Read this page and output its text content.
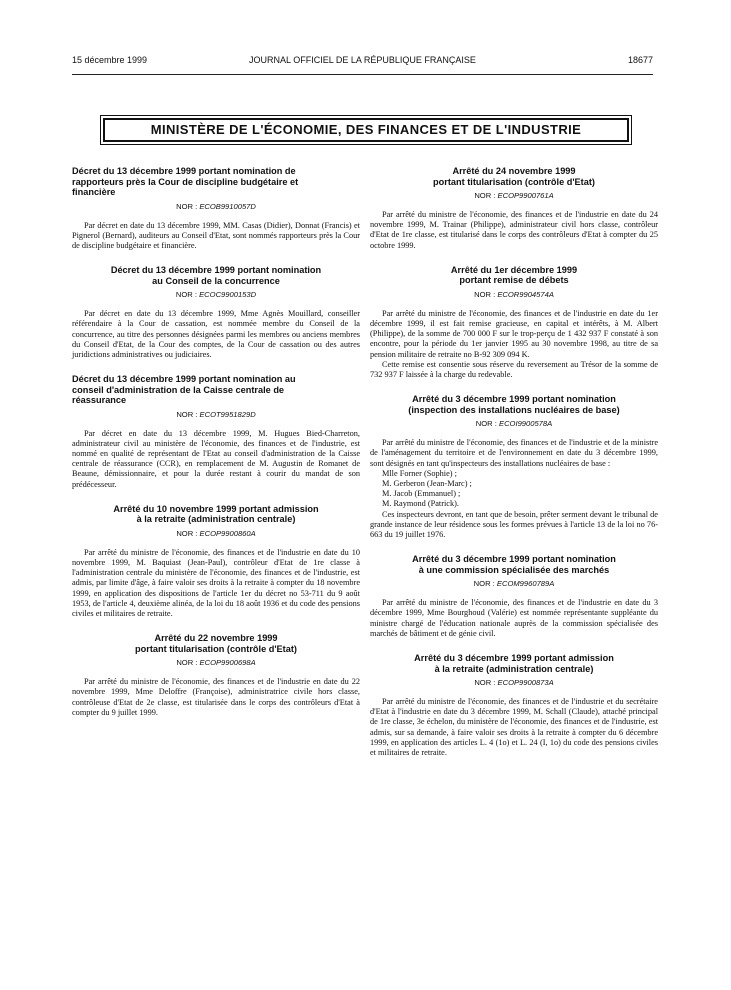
15 décembre 1999	JOURNAL OFFICIEL DE LA RÉPUBLIQUE FRANÇAISE	18677
MINISTÈRE DE L'ÉCONOMIE, DES FINANCES ET DE L'INDUSTRIE
Décret du 13 décembre 1999 portant nomination de
rapporteurs près la Cour de discipline budgétaire et
financière
NOR : ECOB9910057D

Par décret en date du 13 décembre 1999, MM. Casas (Didier), Donnat (Francis) et Pignerol (Bernard), auditeurs au Conseil d'Etat, sont nommés rapporteurs près la Cour de discipline budgétaire et financière.

Décret du 13 décembre 1999 portant nomination
au Conseil de la concurrence
NOR : ECOC9900153D

Par décret en date du 13 décembre 1999, Mme Agnès Mouillard, conseiller référendaire à la Cour de cassation, est nommée membre du Conseil de la concurrence, au titre des personnes désignées parmi les membres ou anciens membres du Conseil d'Etat, de la Cour des comptes, de la Cour de cassation ou des autres juridictions administratives ou judiciaires.

Décret du 13 décembre 1999 portant nomination au
conseil d'administration de la Caisse centrale de
réassurance
NOR : ECOT9951829D

Par décret en date du 13 décembre 1999, M. Hugues Bied-Charreton, administrateur civil au ministère de l'économie, des finances et de l'industrie, est nommé en qualité de représentant de l'Etat au conseil d'administration de la Caisse centrale de réassurance (CCR), en remplacement de M. Augustin de Romanet de Beaune, démissionnaire, et pour la durée restant à courir du mandat de son prédécesseur.

Arrêté du 10 novembre 1999 portant admission
à la retraite (administration centrale)
NOR : ECOP9900860A

Par arrêté du ministre de l'économie, des finances et de l'industrie en date du 10 novembre 1999, M. Baquiast (Jean-Paul), contrôleur d'Etat de 1re classe à l'administration centrale du ministère de l'économie, des finances et de l'industrie, est admis, par limite d'âge, à faire valoir ses droits à la retraite à compter du 18 novembre 1999, en application des dispositions de l'article 1er du décret no 53-711 du 9 août 1953, de l'article 4, deuxième alinéa, de la loi du 18 août 1936 et du code des pensions civiles et militaires de retraite.

Arrêté du 22 novembre 1999
portant titularisation (contrôle d'Etat)
NOR : ECOP9900698A

Par arrêté du ministre de l'économie, des finances et de l'industrie en date du 22 novembre 1999, Mme Deloffre (Françoise), administratrice civile hors classe, contrôleuse d'Etat de 2e classe, est titularisée dans le corps des contrôleurs d'Etat à compter du 9 juillet 1999.

Arrêté du 24 novembre 1999
portant titularisation (contrôle d'Etat)
NOR : ECOP9900761A

Par arrêté du ministre de l'économie, des finances et de l'industrie en date du 24 novembre 1999, M. Trainar (Philippe), administrateur civil hors classe, contrôleur d'Etat de 1re classe, est titularisé dans le corps des contrôleurs d'Etat à compter du 25 octobre 1999.

Arrêté du 1er décembre 1999
portant remise de débets
NOR : ECOR9904574A

Par arrêté du ministre de l'économie, des finances et de l'industrie en date du 1er décembre 1999, il est fait remise gracieuse, en capital et intérêts, à M. Albert (Philippe), de la somme de 700 000 F sur le trop-perçu de 1 432 937 F constaté à son encontre, pour la période du 1er janvier 1995 au 30 novembre 1998, au titre de sa pension militaire de retraite no B-92 309 094 K.

Cette remise est consentie sous réserve du reversement au Trésor de la somme de 732 937 F laissée à la charge du redevable.

Arrêté du 3 décembre 1999 portant nomination
(inspection des installations nucléaires de base)
NOR : ECOI9900578A

Par arrêté du ministre de l'économie, des finances et de l'industrie et de la ministre de l'aménagement du territoire et de l'environnement en date du 3 décembre 1999, sont désignés en tant qu'inspecteurs des installations nucléaires de base :

Mlle Forner (Sophie) ;
M. Gerberon (Jean-Marc) ;
M. Jacob (Emmanuel) ;
M. Raymond (Patrick).

Ces inspecteurs devront, en tant que de besoin, prêter serment devant le tribunal de grande instance de leur résidence sous les formes prévues à l'article 13 de la loi no 76-663 du 19 juillet 1976.

Arrêté du 3 décembre 1999 portant nomination
à une commission spécialisée des marchés
NOR : ECOM9960789A

Par arrêté du ministre de l'économie, des finances et de l'industrie en date du 3 décembre 1999, Mme Bourghoud (Valérie) est nommée représentante suppléante du ministre chargé de l'éducation nationale auprès de la commission spécialisée des marchés de bâtiment et de génie civil.

Arrêté du 3 décembre 1999 portant admission
à la retraite (administration centrale)
NOR : ECOP9900873A

Par arrêté du ministre de l'économie, des finances et de l'industrie et du secrétaire d'Etat à l'industrie en date du 3 décembre 1999, M. Schall (Claude), attaché principal de 1re classe, 3e échelon, du ministère de l'économie, des finances et de l'industrie, est admis, sur sa demande, à faire valoir ses droits à la retraite à compter du 6 décembre 1999, en application des articles L. 4 (1o) et L. 24 (I, 1o) du code des pensions civiles et militaires de retraite.
